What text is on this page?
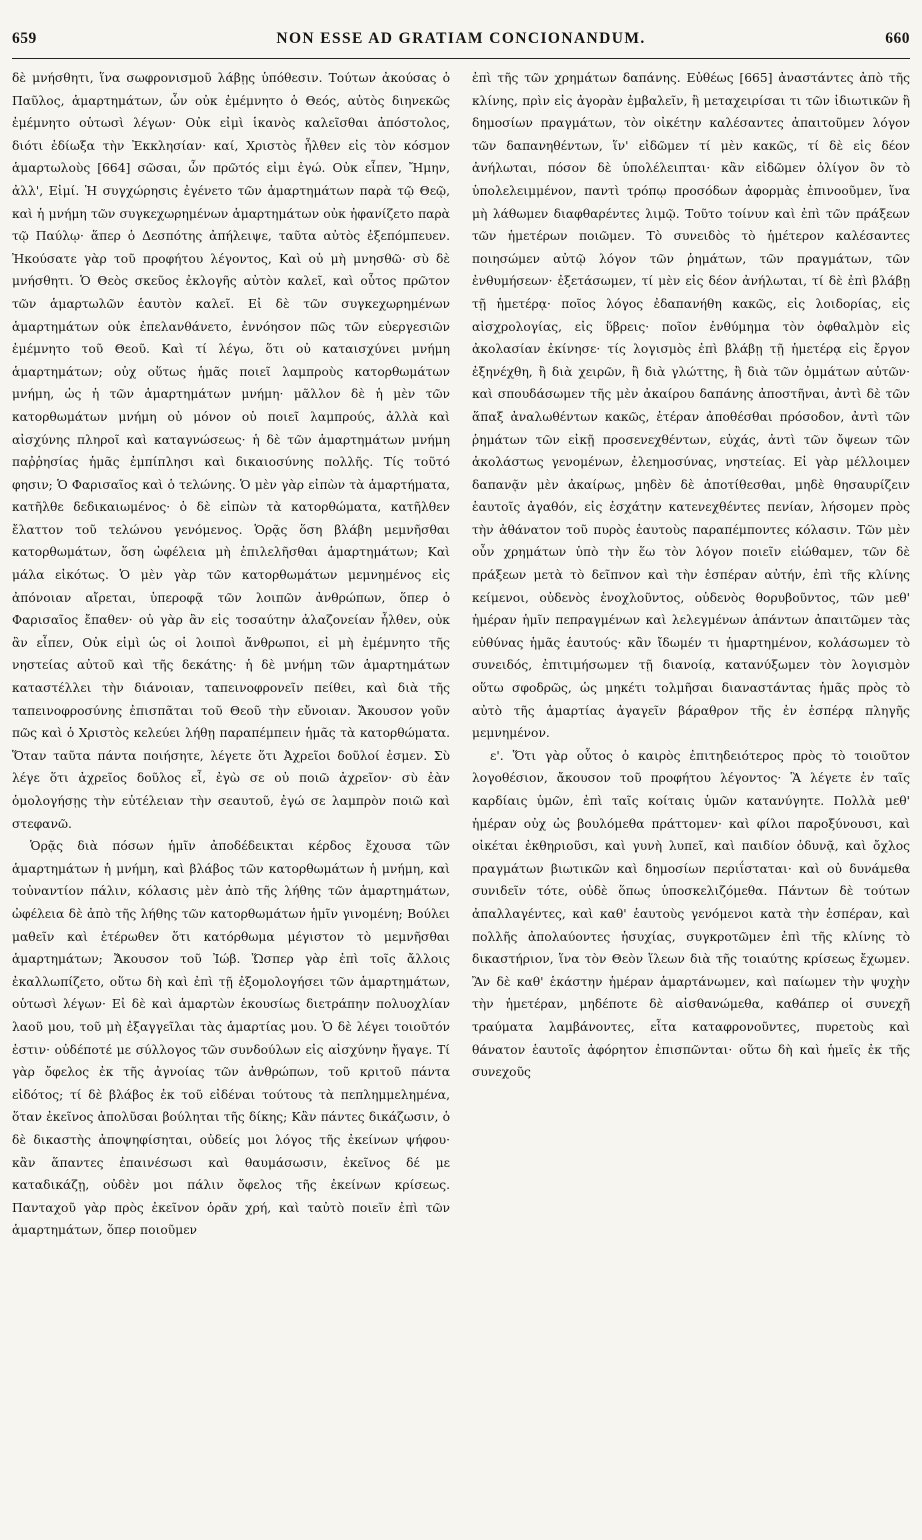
659	NON ESSE AD GRATIAM CONCIONANDUM.	660

δὲ μνήσθητι, ἵνα σωφρονισμοῦ λάβῃς ὑπόθεσιν. Τούτων ἀκούσας ὁ Παῦλος, ἁμαρτημάτων, ὧν οὐκ ἐμέμνητο ὁ Θεός, αὐτὸς διηνεκῶς ἐμέμνητο οὑτωσὶ λέγων· Οὐκ εἰμὶ ἱκανὸς καλεῖσθαι ἀπόστολος, διότι ἐδίωξα τὴν Ἐκκλησίαν· καί, Χριστὸς ἦλθεν εἰς τὸν κόσμον ἁμαρτωλοὺς [664] σῶσαι, ὧν πρῶτός εἰμι ἐγώ. Οὐκ εἶπεν, Ἤμην, ἀλλ', Εἰμί. Ἡ συγχώρησις ἐγένετο τῶν ἁμαρτημάτων παρὰ τῷ Θεῷ, καὶ ἡ μνήμη τῶν συγκεχωρημένων ἁμαρτημάτων οὐκ ἠφανίζετο παρὰ τῷ Παύλῳ· ἅπερ ὁ Δεσπότης ἀπήλειψε, ταῦτα αὐτὸς ἐξεπόμπευεν. Ἠκούσατε γὰρ τοῦ προφήτου λέγοντος, Καὶ οὐ μὴ μνησθῶ· σὺ δὲ μνήσθητι. Ὁ Θεὸς σκεῦος ἐκλογῆς αὐτὸν καλεῖ, καὶ οὗτος πρῶτον τῶν ἁμαρτωλῶν ἑαυτὸν καλεῖ. Εἰ δὲ τῶν συγκεχωρημένων ἁμαρτημάτων οὐκ ἐπελανθάνετο, ἐννόησον πῶς τῶν εὐεργεσιῶν ἐμέμνητο τοῦ Θεοῦ. Καὶ τί λέγω, ὅτι οὐ καταισχύνει μνήμη ἁμαρτημάτων; οὐχ οὕτως ἡμᾶς ποιεῖ λαμπροὺς κατορθωμάτων μνήμη, ὡς ἡ τῶν ἁμαρτημάτων μνήμη· μᾶλλον δὲ ἡ μὲν τῶν κατορθωμάτων μνήμη οὐ μόνον οὐ ποιεῖ λαμπρούς, ἀλλὰ καὶ αἰσχύνης πληροῖ καὶ καταγνώσεως· ἡ δὲ τῶν ἁμαρτημάτων μνήμη παῤῥησίας ἡμᾶς ἐμπίπλησι καὶ δικαιοσύνης πολλῆς. Τίς τοῦτό φησιν; Ὁ Φαρισαῖος καὶ ὁ τελώνης. Ὁ μὲν γὰρ εἰπὼν τὰ ἁμαρτήματα, κατῆλθε δεδικαιωμένος· ὁ δὲ εἰπὼν τὰ κατορθώματα, κατῆλθεν ἔλαττον τοῦ τελώνου γενόμενος. Ὁρᾷς ὅση βλάβη μεμνῆσθαι κατορθωμάτων, ὅση ὠφέλεια μὴ ἐπιλελῆσθαι ἁμαρτημάτων; Καὶ μάλα εἰκότως. Ὁ μὲν γὰρ τῶν κατορθωμάτων μεμνημένος εἰς ἀπόνοιαν αἴρεται, ὑπεροφᾷ τῶν λοιπῶν ἀνθρώπων, ὅπερ ὁ Φαρισαῖος ἔπαθεν· οὐ γὰρ ἂν εἰς τοσαύτην ἀλαζονείαν ἦλθεν, οὐκ ἂν εἶπεν, Οὐκ εἰμὶ ὡς οἱ λοιποὶ ἄνθρωποι, εἰ μὴ ἐμέμνητο τῆς νηστείας αὐτοῦ καὶ τῆς δεκάτης· ἡ δὲ μνήμη τῶν ἁμαρτημάτων καταστέλλει τὴν διάνοιαν, ταπεινοφρονεῖν πείθει, καὶ διὰ τῆς ταπεινοφροσύνης ἐπισπᾶται τοῦ Θεοῦ τὴν εὔνοιαν. Ἄκουσον γοῦν πῶς καὶ ὁ Χριστὸς κελεύει λήθῃ παραπέμπειν ἡμᾶς τὰ κατορθώματα. Ὅταν ταῦτα πάντα ποιήσητε, λέγετε ὅτι Ἀχρεῖοι δοῦλοί ἐσμεν. Σὺ λέγε ὅτι ἀχρεῖος δοῦλος εἶ, ἐγὼ σε οὐ ποιῶ ἀχρεῖον· σὺ ἐὰν ὁμολογήσῃς τὴν εὐτέλειαν τὴν σεαυτοῦ, ἐγώ σε λαμπρὸν ποιῶ καὶ στεφανῶ.

Ὁρᾷς διὰ πόσων ἡμῖν ἀποδέδεικται κέρδος ἔχουσα τῶν ἁμαρτημάτων ἡ μνήμη, καὶ βλάβος τῶν κατορθωμάτων ἡ μνήμη, καὶ τοὐναντίον πάλιν, κόλασις μὲν ἀπὸ τῆς λήθης τῶν ἁμαρτημάτων, ὠφέλεια δὲ ἀπὸ τῆς λήθης τῶν κατορθωμάτων ἡμῖν γινομένη; Βούλει μαθεῖν καὶ ἑτέρωθεν ὅτι κατόρθωμα μέγιστον τὸ μεμνῆσθαι ἁμαρτημάτων; Ἄκουσον τοῦ Ἰώβ. Ὥσπερ γὰρ ἐπὶ τοῖς ἄλλοις ἐκαλλωπίζετο, οὕτω δὴ καὶ ἐπὶ τῇ ἐξομολογήσει τῶν ἁμαρτημάτων, οὑτωσὶ λέγων· Εἰ δὲ καὶ ἁμαρτὼν ἑκουσίως διετράπην πολυοχλίαν λαοῦ μου, τοῦ μὴ ἐξαγγεῖλαι τὰς ἁμαρτίας μου. Ὁ δὲ λέγει τοιοῦτόν ἐστιν· οὐδέποτέ με σύλλογος τῶν συνδούλων εἰς αἰσχύνην ἤγαγε. Τί γὰρ ὄφελος ἐκ τῆς ἀγνοίας τῶν ἀνθρώπων, τοῦ κριτοῦ πάντα εἰδότος; τί δὲ βλάβος ἐκ τοῦ εἰδέναι τούτους τὰ πεπλημμελημένα, ὅταν ἐκεῖνος ἀπολῦσαι βούληται τῆς δίκης; Κἂν πάντες δικάζωσιν, ὁ δὲ δικαστὴς ἀποψηφίσηται, οὐδείς μοι λόγος τῆς ἐκείνων ψήφου· κἂν ἅπαντες ἐπαινέσωσι καὶ θαυμάσωσιν, ἐκεῖνος δέ με καταδικάζῃ, οὐδὲν μοι πάλιν ὄφελος τῆς ἐκείνων κρίσεως. Πανταχοῦ γὰρ πρὸς ἐκεῖνον ὁρᾶν χρή, καὶ ταὐτὸ ποιεῖν ἐπὶ τῶν ἁμαρτημάτων, ὅπερ ποιοῦμεν

ἐπὶ τῆς τῶν χρημάτων δαπάνης. Εὐθέως [665] ἀναστάντες ἀπὸ τῆς κλίνης, πρὶν εἰς ἀγορὰν ἐμβαλεῖν, ἢ μεταχειρίσαι τι τῶν ἰδιωτικῶν ἢ δημοσίων πραγμάτων, τὸν οἰκέτην καλέσαντες ἀπαιτοῦμεν λόγον τῶν δαπανηθέντων, ἵν' εἰδῶμεν τί μὲν κακῶς, τί δὲ εἰς δέον ἀνήλωται, πόσον δὲ ὑπολέλειπται· κἂν εἰδῶμεν ὀλίγον ὂν τὸ ὑπολελειμμένον, παντὶ τρόπῳ προσόδων ἀφορμὰς ἐπινοοῦμεν, ἵνα μὴ λάθωμεν διαφθαρέντες λιμῷ. Τοῦτο τοίνυν καὶ ἐπὶ τῶν πράξεων τῶν ἡμετέρων ποιῶμεν. Τὸ συνειδὸς τὸ ἡμέτερον καλέσαντες ποιησώμεν αὐτῷ λόγον τῶν ῥημάτων, τῶν πραγμάτων, τῶν ἐνθυμήσεων· ἐξετάσωμεν, τί μὲν εἰς δέον ἀνήλωται, τί δὲ ἐπὶ βλάβῃ τῇ ἡμετέρᾳ· ποῖος λόγος ἐδαπανήθη κακῶς, εἰς λοιδορίας, εἰς αἰσχρολογίας, εἰς ὕβρεις· ποῖον ἐνθύμημα τὸν ὀφθαλμὸν εἰς ἀκολασίαν ἐκίνησε· τίς λογισμὸς ἐπὶ βλάβῃ τῇ ἡμετέρᾳ εἰς ἔργον ἐξηνέχθη, ἢ διὰ χειρῶν, ἢ διὰ γλώττης, ἢ διὰ τῶν ὀμμάτων αὐτῶν· καὶ σπουδάσωμεν τῆς μὲν ἀκαίρου δαπάνης ἀποστῆναι, ἀντὶ δὲ τῶν ἅπαξ ἀναλωθέντων κακῶς, ἑτέραν ἀποθέσθαι πρόσοδον, ἀντὶ τῶν ῥημάτων τῶν εἰκῇ προσενεχθέντων, εὐχάς, ἀντὶ τῶν ὄψεων τῶν ἀκολάστως γενομένων, ἐλεημοσύνας, νηστείας. Εἰ γὰρ μέλλοιμεν δαπανᾷν μὲν ἀκαίρως, μηδὲν δὲ ἀποτίθεσθαι, μηδὲ θησαυρίζειν ἑαυτοῖς ἀγαθόν, εἰς ἐσχάτην κατενεχθέντες πενίαν, λήσομεν πρὸς τὴν ἀθάνατον τοῦ πυρὸς ἑαυτοὺς παραπέμποντες κόλασιν. Τῶν μὲν οὖν χρημάτων ὑπὸ τὴν ἕω τὸν λόγον ποιεῖν εἰώθαμεν, τῶν δὲ πράξεων μετὰ τὸ δεῖπνον καὶ τὴν ἑσπέραν αὐτήν, ἐπὶ τῆς κλίνης κείμενοι, οὐδενὸς ἐνοχλοῦντος, οὐδενὸς θορυβοῦντος, τῶν μεθ' ἡμέραν ἡμῖν πεπραγμένων καὶ λελεγμένων ἁπάντων ἀπαιτῶμεν τὰς εὐθύνας ἡμᾶς ἑαυτούς· κἂν ἴδωμέν τι ἡμαρτημένον, κολάσωμεν τὸ συνειδός, ἐπιτιμήσωμεν τῇ διανοίᾳ, κατανύξωμεν τὸν λογισμὸν οὕτω σφοδρῶς, ὡς μηκέτι τολμῆσαι διαναστάντας ἡμᾶς πρὸς τὸ αὐτὸ τῆς ἁμαρτίας ἀγαγεῖν βάραθρον τῆς ἐν ἑσπέρᾳ πληγῆς μεμνημένον.

ε'. Ὅτι γὰρ οὗτος ὁ καιρὸς ἐπιτηδειότερος πρὸς τὸ τοιοῦτον λογοθέσιον, ἄκουσον τοῦ προφήτου λέγοντος· Ἃ λέγετε ἐν ταῖς καρδίαις ὑμῶν, ἐπὶ ταῖς κοίταις ὑμῶν κατανύγητε. Πολλὰ μεθ' ἡμέραν οὐχ ὡς βουλόμεθα πράττομεν· καὶ φίλοι παροξύνουσι, καὶ οἰκέται ἐκθηριοῦσι, καὶ γυνὴ λυπεῖ, καὶ παιδίον ὀδυνᾷ, καὶ ὄχλος πραγμάτων βιωτικῶν καὶ δημοσίων περιΐσταται· καὶ οὐ δυνάμεθα συνιδεῖν τότε, οὐδὲ ὅπως ὑποσκελιζόμεθα. Πάντων δὲ τούτων ἀπαλλαγέντες, καὶ καθ' ἑαυτοὺς γενόμενοι κατὰ τὴν ἑσπέραν, καὶ πολλῆς ἀπολαύοντες ἡσυχίας, συγκροτῶμεν ἐπὶ τῆς κλίνης τὸ δικαστήριον, ἵνα τὸν Θεὸν ἵλεων διὰ τῆς τοιαύτης κρίσεως ἔχωμεν. Ἂν δὲ καθ' ἑκάστην ἡμέραν ἁμαρτάνωμεν, καὶ παίωμεν τὴν ψυχὴν τὴν ἡμετέραν, μηδέποτε δὲ αἰσθανώμεθα, καθάπερ οἱ συνεχῆ τραύματα λαμβάνοντες, εἶτα καταφρονοῦντες, πυρετοὺς καὶ θάνατον ἑαυτοῖς ἀφόρητον ἐπισπῶνται· οὕτω δὴ καὶ ἡμεῖς ἐκ τῆς συνεχοῦς
